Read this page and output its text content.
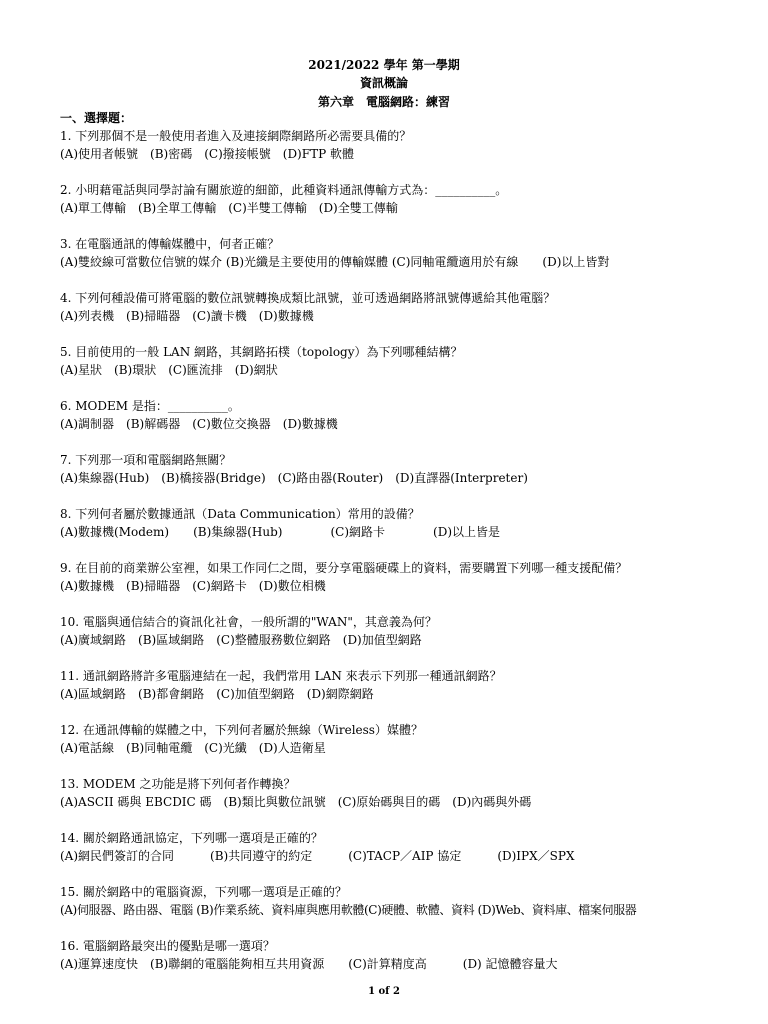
2021/2022 學年 第一學期
資訊概論
第六章　電腦網路：練習
一、選擇題：
1. 下列那個不是一般使用者進入及連接網際網路所必需要具備的？
(A)使用者帳號　(B)密碼　(C)撥接帳號　(D)FTP 軟體
2. 小明藉電話與同學討論有關旅遊的細節，此種資料通訊傳輸方式為：__________。
(A)單工傳輸　(B)全單工傳輸　(C)半雙工傳輸　(D)全雙工傳輸
3. 在電腦通訊的傳輸媒體中，何者正確？
(A)雙絞線可當數位信號的媒介 (B)光纖是主要使用的傳輸媒體 (C)同軸電纜適用於有線　　(D)以上皆對
4. 下列何種設備可將電腦的數位訊號轉換成類比訊號，並可透過網路將訊號傳遞給其他電腦？
(A)列表機　(B)掃瞄器　(C)讀卡機　(D)數據機
5. 目前使用的一般 LAN 網路，其網路拓樸（topology）為下列哪種結構？
(A)星狀　(B)環狀　(C)匯流排　(D)網狀
6. MODEM 是指：__________。
(A)調制器　(B)解碼器　(C)數位交換器　(D)數據機
7. 下列那一項和電腦網路無關？
(A)集線器(Hub)　(B)橋接器(Bridge)　(C)路由器(Router)　(D)直譯器(Interpreter)
8. 下列何者屬於數據通訊（Data Communication）常用的設備？
(A)數據機(Modem)　　(B)集線器(Hub)　　　　(C)網路卡　　　　(D)以上皆是
9. 在目前的商業辦公室裡，如果工作同仁之間，要分享電腦硬碟上的資料，需要購置下列哪一種支援配備？
(A)數據機　(B)掃瞄器　(C)網路卡　(D)數位相機
10. 電腦與通信結合的資訊化社會，一般所謂的"WAN"，其意義為何？
(A)廣域網路　(B)區域網路　(C)整體服務數位網路　(D)加值型網路
11. 通訊網路將許多電腦連結在一起，我們常用 LAN 來表示下列那一種通訊網路？
(A)區域網路　(B)都會網路　(C)加值型網路　(D)網際網路
12. 在通訊傳輸的媒體之中，下列何者屬於無線（Wireless）媒體？
(A)電話線　(B)同軸電纜　(C)光纖　(D)人造衛星
13. MODEM 之功能是將下列何者作轉換？
(A)ASCII 碼與 EBCDIC 碼　(B)類比與數位訊號　(C)原始碼與目的碼　(D)內碼與外碼
14. 關於網路通訊協定，下列哪一選項是正確的？
(A)網民們簽訂的合同　　　(B)共同遵守的約定　　　(C)TACP／AIP 協定　　　(D)IPX／SPX
15. 關於網路中的電腦資源，下列哪一選項是正確的？
(A)伺服器、路由器、電腦 (B)作業系統、資料庫與應用軟體(C)硬體、軟體、資料 (D)Web、資料庫、檔案伺服器
16. 電腦網路最突出的優點是哪一選項？
(A)運算速度快　(B)聯網的電腦能夠相互共用資源　　(C)計算精度高　　　(D) 記憶體容量大
1 of 2
